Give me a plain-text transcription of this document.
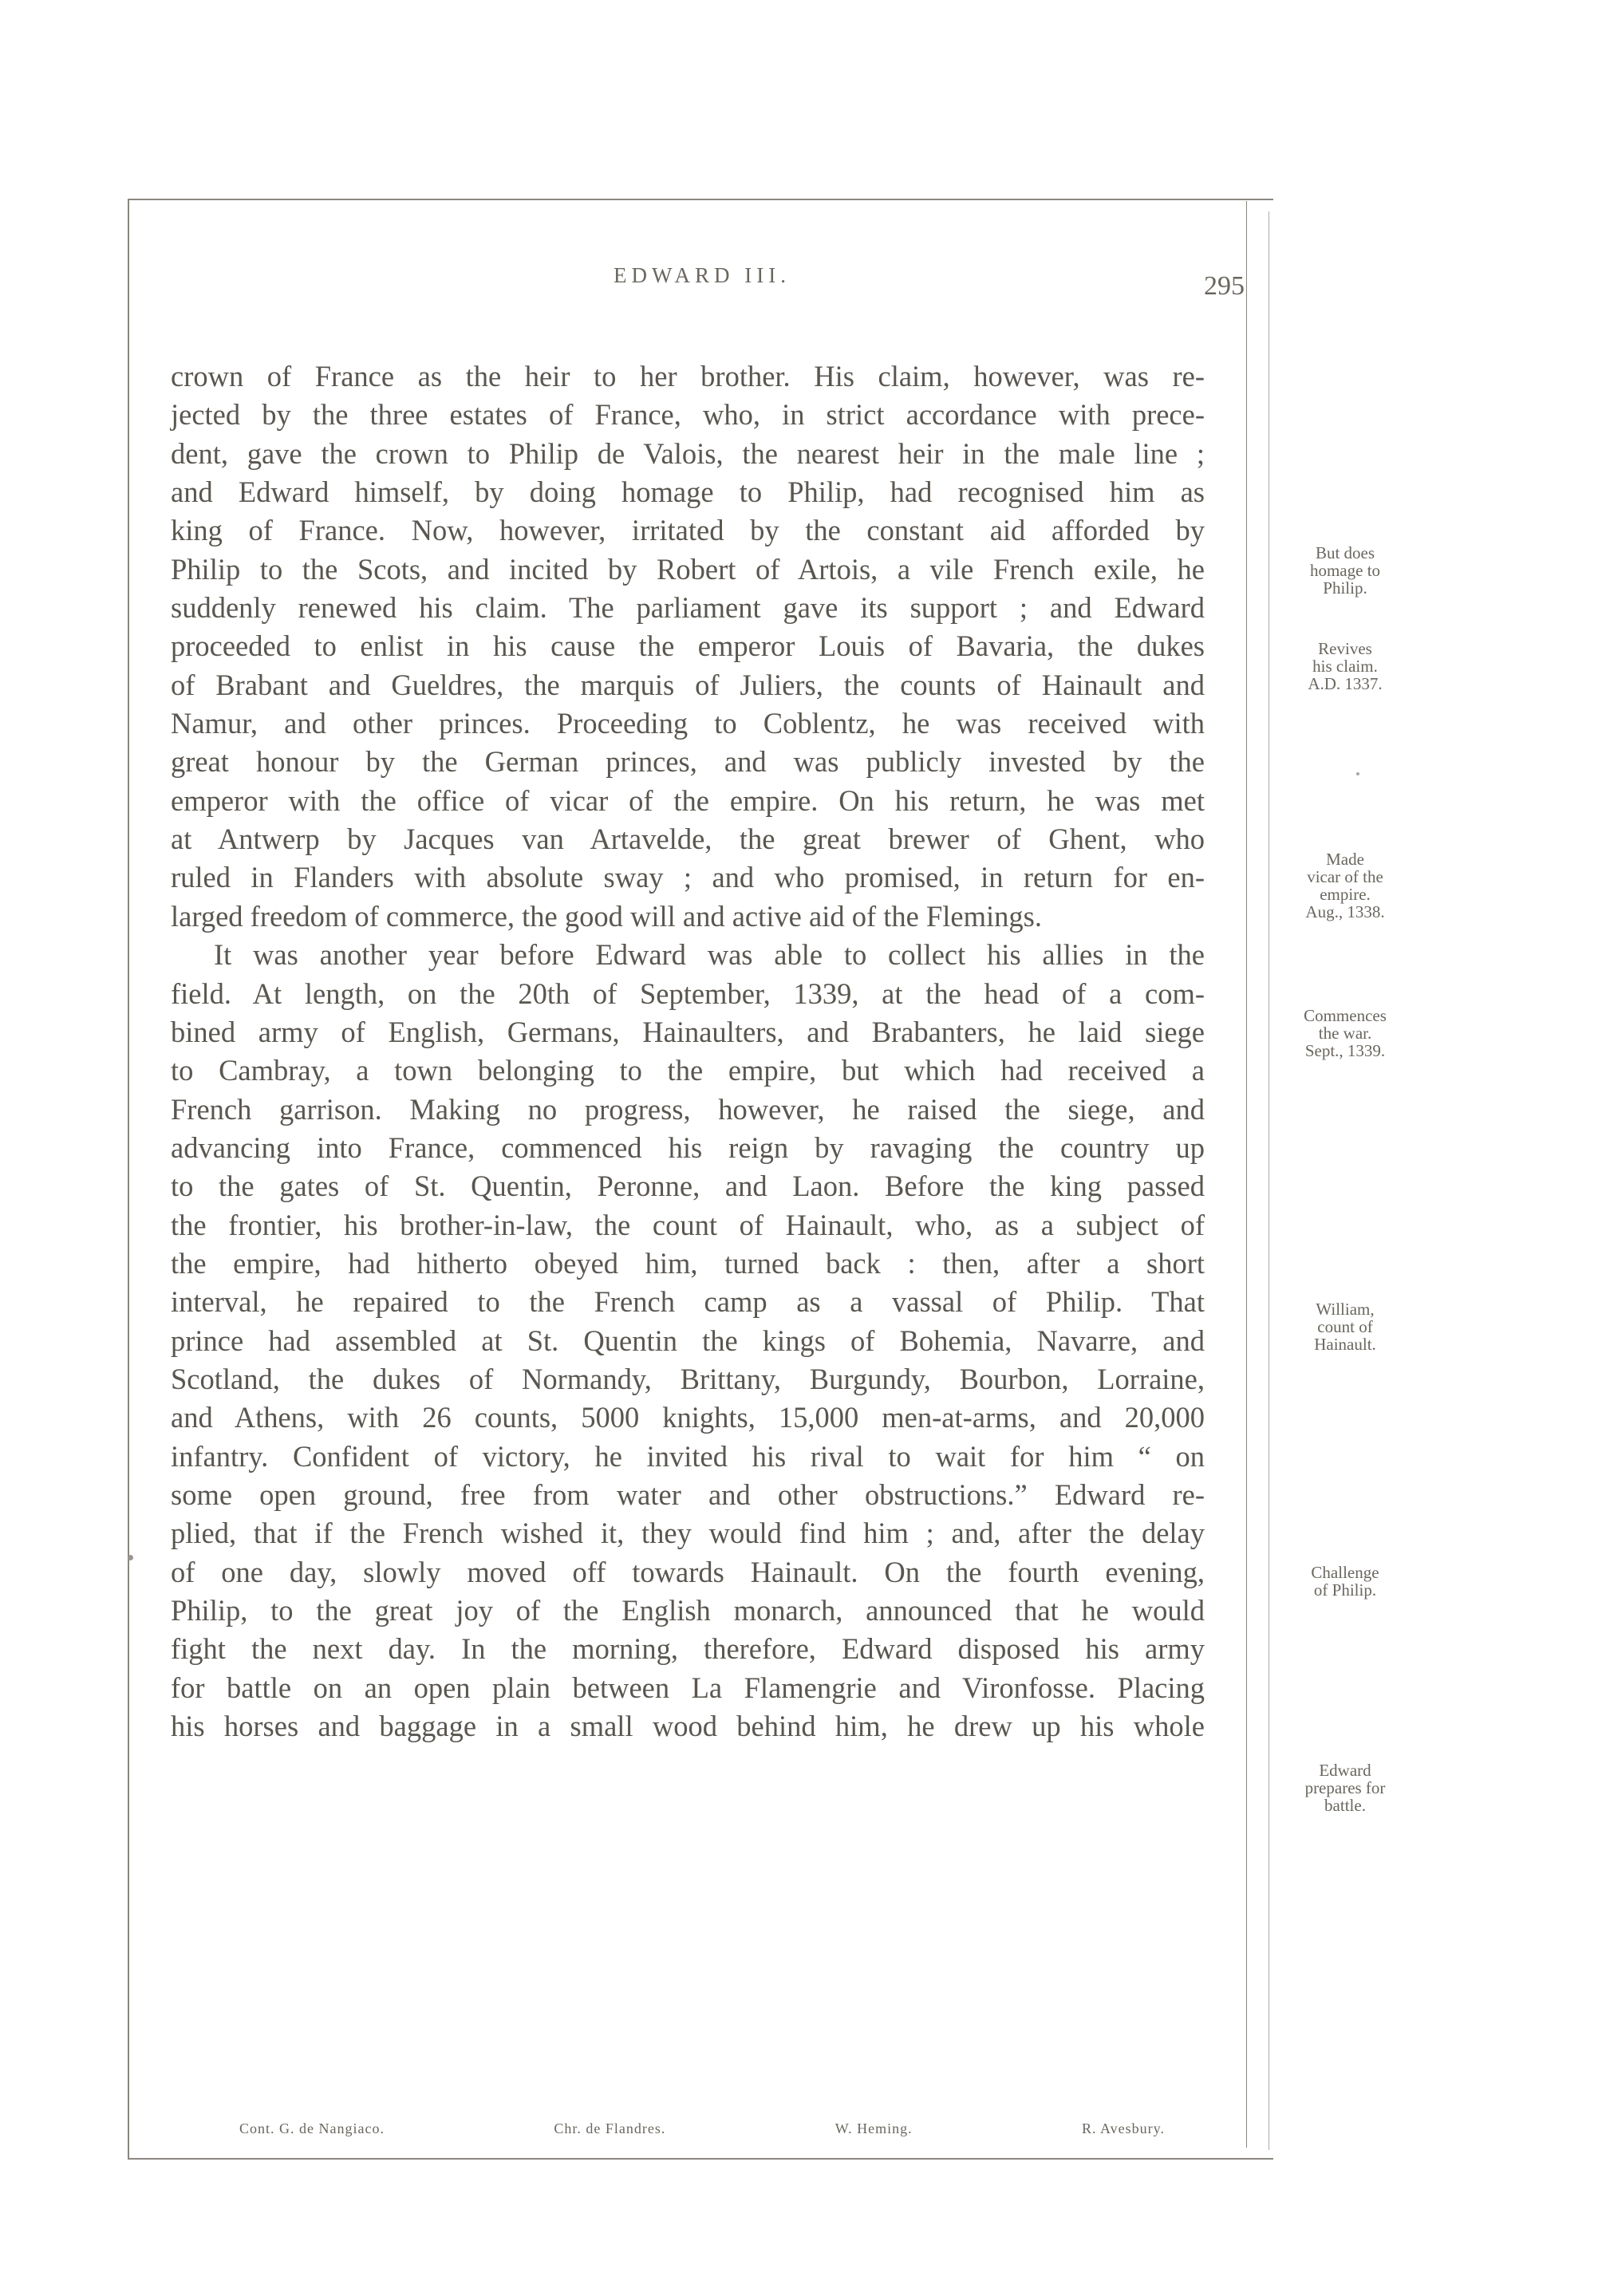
EDWARD III.	295
crown of France as the heir to her brother. His claim, however, was re-
jected by the three estates of France, who, in strict accordance with prece-
dent, gave the crown to Philip de Valois, the nearest heir in the male line ;
and Edward himself, by doing homage to Philip, had recognised him as
king of France. Now, however, irritated by the constant aid afforded by
Philip to the Scots, and incited by Robert of Artois, a vile French exile, he
suddenly renewed his claim. The parliament gave its support ; and Edward
proceeded to enlist in his cause the emperor Louis of Bavaria, the dukes
of Brabant and Gueldres, the marquis of Juliers, the counts of Hainault and
Namur, and other princes. Proceeding to Coblentz, he was received with
great honour by the German princes, and was publicly invested by the
emperor with the office of vicar of the empire. On his return, he was met
at Antwerp by Jacques van Artavelde, the great brewer of Ghent, who
ruled in Flanders with absolute sway ; and who promised, in return for en-
larged freedom of commerce, the good will and active aid of the Flemings.
It was another year before Edward was able to collect his allies in the
field. At length, on the 20th of September, 1339, at the head of a com-
bined army of English, Germans, Hainaulters, and Brabanters, he laid siege
to Cambray, a town belonging to the empire, but which had received a
French garrison. Making no progress, however, he raised the siege, and
advancing into France, commenced his reign by ravaging the country up
to the gates of St. Quentin, Peronne, and Laon. Before the king passed
the frontier, his brother-in-law, the count of Hainault, who, as a subject of
the empire, had hitherto obeyed him, turned back : then, after a short
interval, he repaired to the French camp as a vassal of Philip. That
prince had assembled at St. Quentin the kings of Bohemia, Navarre, and
Scotland, the dukes of Normandy, Brittany, Burgundy, Bourbon, Lorraine,
and Athens, with 26 counts, 5000 knights, 15,000 men-at-arms, and 20,000
infantry. Confident of victory, he invited his rival to wait for him “ on
some open ground, free from water and other obstructions.” Edward re-
plied, that if the French wished it, they would find him ; and, after the delay
of one day, slowly moved off towards Hainault. On the fourth evening,
Philip, to the great joy of the English monarch, announced that he would
fight the next day. In the morning, therefore, Edward disposed his army
for battle on an open plain between La Flamengrie and Vironfosse. Placing
his horses and baggage in a small wood behind him, he drew up his whole
But does
homage to
Philip.
Revives
his claim.
A.D. 1337.
Made
vicar of the
empire.
Aug., 1338.
Commences
the war.
Sept., 1339.
William,
count of
Hainault.
Challenge
of Philip.
Edward
prepares for
battle.
Cont. G. de Nangiaco.	Chr. de Flandres.	W. Heming.	R. Avesbury.
